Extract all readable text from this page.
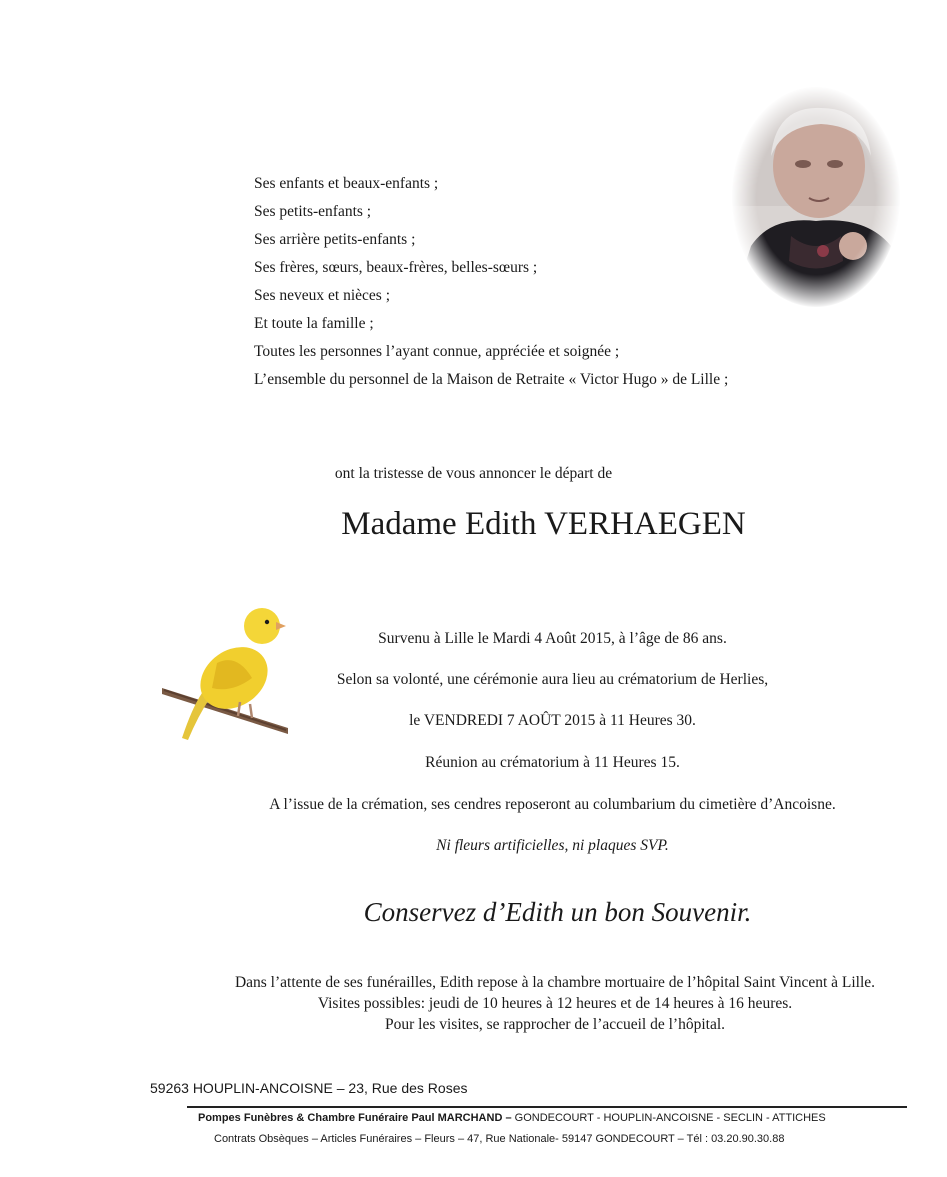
Ses enfants et beaux-enfants ;
Ses petits-enfants ;
Ses arrière petits-enfants ;
Ses frères, sœurs, beaux-frères, belles-sœurs ;
Ses neveux et nièces ;
Et toute la famille ;
Toutes les personnes l’ayant connue, appréciée et soignée ;
L’ensemble du personnel de la Maison de Retraite « Victor Hugo » de Lille ;
ont la tristesse de vous annoncer le départ de
Madame Edith VERHAEGEN
Survenu à Lille le Mardi 4 Août 2015, à l’âge de 86 ans.
Selon sa volonté, une cérémonie aura lieu au crématorium de Herlies,
le VENDREDI 7 AOÛT 2015 à 11 Heures 30.
Réunion au crématorium à 11 Heures 15.
A l’issue de la crémation, ses cendres reposeront au columbarium du cimetière d’Ancoisne.
Ni fleurs artificielles, ni plaques SVP.
Conservez d’Edith un bon Souvenir.
Dans l’attente de ses funérailles, Edith repose à la chambre mortuaire de l’hôpital Saint Vincent à Lille.
Visites possibles: jeudi de 10 heures à 12 heures et de 14 heures à 16 heures.
Pour les visites, se rapprocher de l’accueil de l’hôpital.
59263 HOUPLIN-ANCOISNE – 23, Rue des Roses
Pompes Funèbres & Chambre Funéraire Paul MARCHAND – GONDECOURT - HOUPLIN-ANCOISNE - SECLIN - ATTICHES
Contrats Obsèques – Articles Funéraires – Fleurs – 47, Rue Nationale- 59147 GONDECOURT – Tél : 03.20.90.30.88
